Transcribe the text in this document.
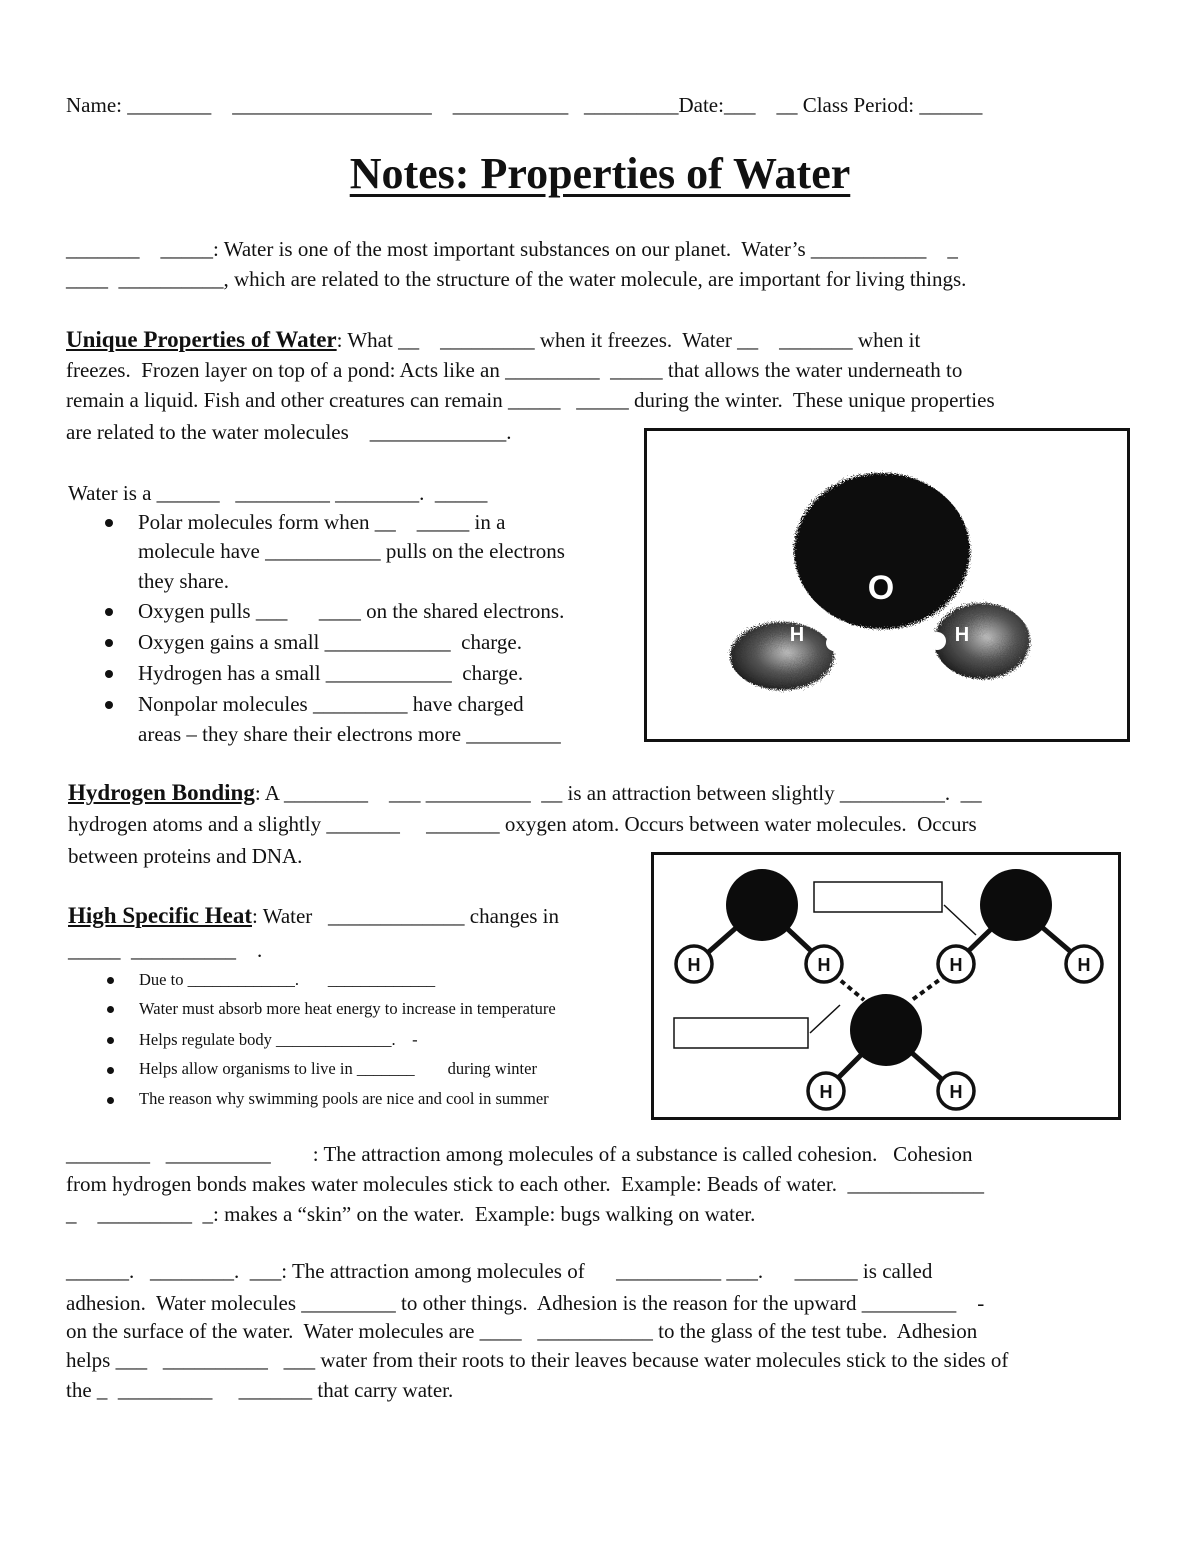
Name: ________    ___________________    ___________   _________Date:___    __ Class Period: ______
Notes: Properties of Water
_______    _____: Water is one of the most important substances on our planet.  Water’s ___________    _
____  __________, which are related to the structure of the water molecule, are important for living things.
Unique Properties of Water: What __    _________ when it freezes.  Water __    _______ when it
freezes.  Frozen layer on top of a pond: Acts like an _________  _____ that allows the water underneath to
remain a liquid. Fish and other creatures can remain _____   _____ during the winter.  These unique properties
are related to the water molecules    _____________.
Water is a ______   _________ ________.  _____
Polar molecules form when __    _____ in a
molecule have ___________ pulls on the electrons
they share.
Oxygen pulls ___      ____ on the shared electrons.
Oxygen gains a small ____________  charge.
Hydrogen has a small ____________  charge.
Nonpolar molecules _________ have charged
areas – they share their electrons more _________
O
H	H
Hydrogen Bonding: A ________    ___ __________  __ is an attraction between slightly __________.  __
hydrogen atoms and a slightly _______     _______ oxygen atom. Occurs between water molecules.  Occurs
between proteins and DNA.
High Specific Heat: Water   _____________ changes in
_____  __________    .
Due to _____________.       _____________
Water must absorb more heat energy to increase in temperature
Helps regulate body ______________.    -
Helps allow organisms to live in _______        during winter
The reason why swimming pools are nice and cool in summer
H	H	H	H
H	H
________   __________        : The attraction among molecules of a substance is called cohesion.   Cohesion
from hydrogen bonds makes water molecules stick to each other.  Example: Beads of water.  _____________
_    _________  _: makes a “skin” on the water.  Example: bugs walking on water.
______.   ________.  ___: The attraction among molecules of      __________ ___.      ______ is called
adhesion.  Water molecules _________ to other things.  Adhesion is the reason for the upward _________    -
on the surface of the water.  Water molecules are ____   ___________ to the glass of the test tube.  Adhesion
helps ___   __________   ___ water from their roots to their leaves because water molecules stick to the sides of
the _  _________     _______ that carry water.
